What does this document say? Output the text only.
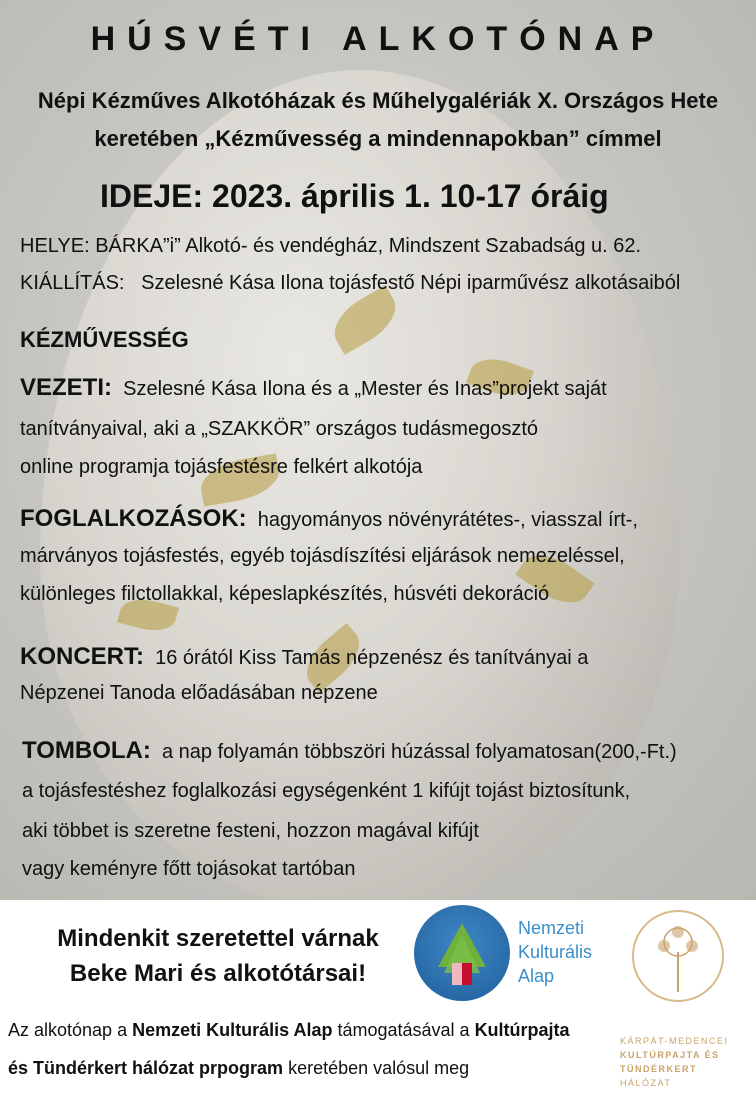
HÚSVÉTI ALKOTÓNAP
Népi Kézműves Alkotóházak és Műhelygalériák X. Országos Hete
keretében „Kézművesség a mindennapokban” címmel
IDEJE: 2023. április 1. 10-17 óráig
HELYE: BÁRKA”i” Alkotó- és vendégház, Mindszent Szabadság u. 62.
KIÁLLÍTÁS: Szelesné Kása Ilona tojásfestő Népi iparművész alkotásaiból
KÉZMŰVESSÉG
VEZETI: Szelesné Kása Ilona és a „Mester és Inas”projekt saját
tanítványaival, aki a „SZAKKÖR” országos tudásmegosztó
online programja tojásfestésre felkért alkotója
FOGLALKOZÁSOK: hagyományos növényrátétes-, viasszal írt-,
márványos tojásfestés, egyéb tojásdíszítési eljárások nemezeléssel,
különleges filctollakkal, képeslapkészítés, húsvéti dekoráció
KONCERT: 16 órától Kiss Tamás népzenész és tanítványai a
Népzenei Tanoda előadásában népzene
TOMBOLA: a nap folyamán többszöri húzással folyamatosan(200,-Ft.)
a tojásfestéshez foglalkozási egységenként 1 kifújt tojást biztosítunk,
aki többet is szeretne festeni, hozzon magával kifújt
vagy keményre főtt tojásokat tartóban
Mindenkit szeretettel várnak
Beke Mari és alkotótársai!
Nemzeti
Kulturális
Alap
KÁRPÁT-MEDENCEI
KULTÚRPAJTA ÉS
TÜNDÉRKERT
HÁLÓZAT
Az alkotónap a Nemzeti Kulturális Alap támogatásával a Kultúrpajta
és Tündérkert hálózat prpogram keretében valósul meg
